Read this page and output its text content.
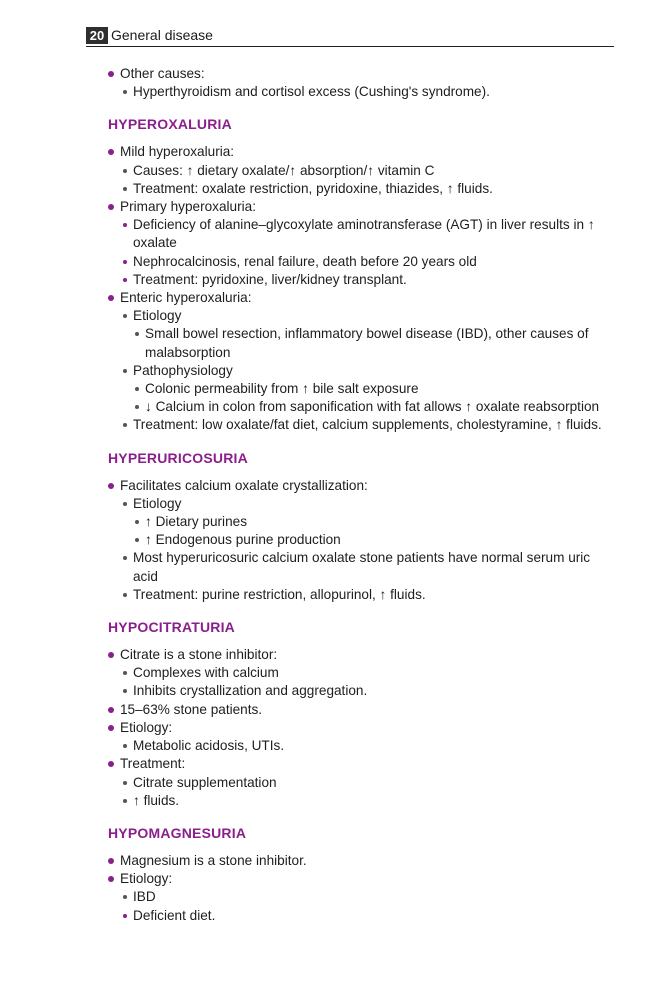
20 General disease
Other causes:
Hyperthyroidism and cortisol excess (Cushing's syndrome).
HYPEROXALURIA
Mild hyperoxaluria:
Causes: ↑ dietary oxalate/↑ absorption/↑ vitamin C
Treatment: oxalate restriction, pyridoxine, thiazides, ↑ fluids.
Primary hyperoxaluria:
Deficiency of alanine–glycoxylate aminotransferase (AGT) in liver results in ↑ oxalate
Nephrocalcinosis, renal failure, death before 20 years old
Treatment: pyridoxine, liver/kidney transplant.
Enteric hyperoxaluria:
Etiology
Small bowel resection, inflammatory bowel disease (IBD), other causes of malabsorption
Pathophysiology
Colonic permeability from ↑ bile salt exposure
↓ Calcium in colon from saponification with fat allows ↑ oxalate reabsorption
Treatment: low oxalate/fat diet, calcium supplements, cholestyramine, ↑ fluids.
HYPERURICOSURIA
Facilitates calcium oxalate crystallization:
Etiology
↑ Dietary purines
↑ Endogenous purine production
Most hyperuricosuric calcium oxalate stone patients have normal serum uric acid
Treatment: purine restriction, allopurinol, ↑ fluids.
HYPOCITRATURIA
Citrate is a stone inhibitor:
Complexes with calcium
Inhibits crystallization and aggregation.
15–63% stone patients.
Etiology:
Metabolic acidosis, UTIs.
Treatment:
Citrate supplementation
↑ fluids.
HYPOMAGNESURIA
Magnesium is a stone inhibitor.
Etiology:
IBD
Deficient diet.
